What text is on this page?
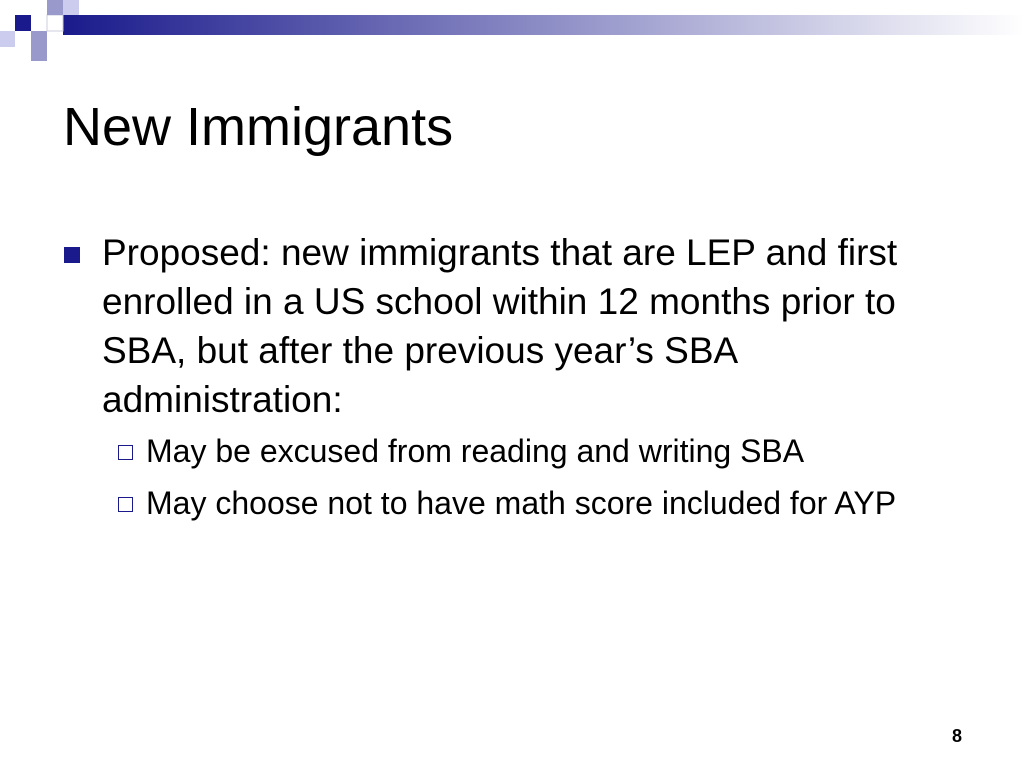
New Immigrants
Proposed: new immigrants that are LEP and first enrolled in a US school within 12 months prior to SBA, but after the previous year’s SBA administration:
May be excused from reading and writing SBA
May choose not to have math score included for AYP
8
